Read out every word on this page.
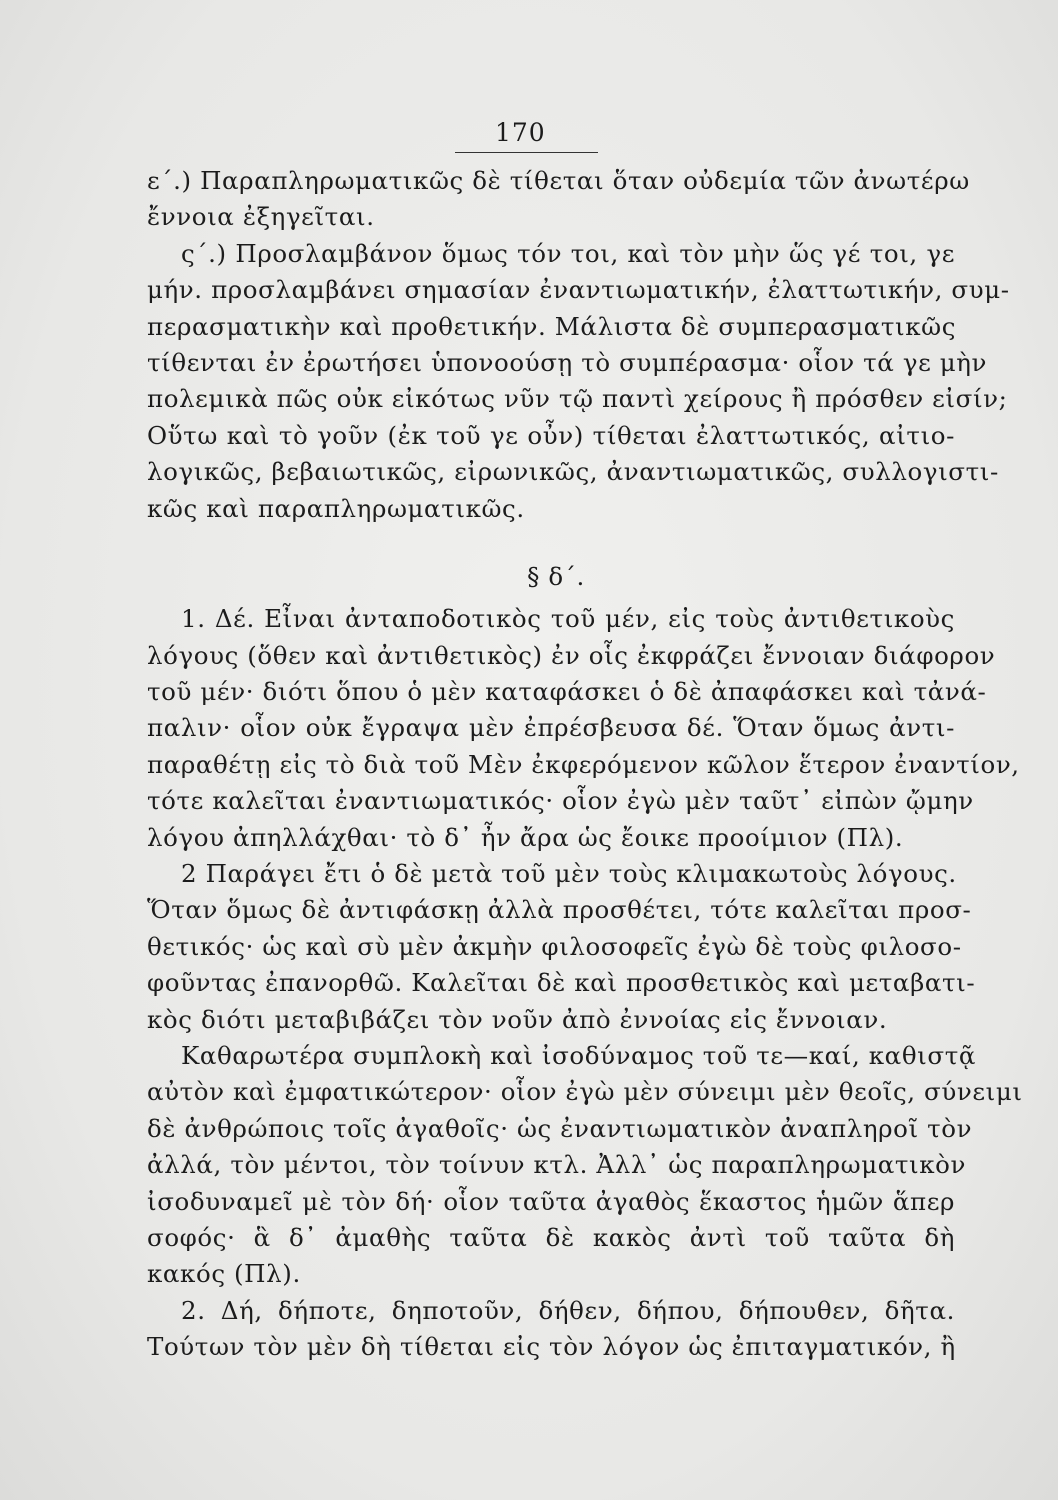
170
ε΄.) Παραπληρωματικῶς δὲ τίθεται ὅταν οὐδεμία τῶν ἀνωτέρω
ἔννοια ἐξηγεῖται.
ς΄.) Προσλαμβάνον ὅμως τόν τοι, καὶ τὸν μὴν ὥς γέ τοι, γε
μήν. προσλαμβάνει σημασίαν ἐναντιωματικήν, ἐλαττωτικήν, συμ-
περασματικὴν καὶ προθετικήν. Μάλιστα δὲ συμπερασματικῶς
τίθενται ἐν ἐρωτήσει ὑπονοούσῃ τὸ συμπέρασμα· οἷον τά γε μὴν
πολεμικὰ πῶς οὐκ εἰκότως νῦν τῷ παντὶ χείρους ἢ πρόσθεν εἰσίν;
Οὕτω καὶ τὸ γοῦν (ἐκ τοῦ γε οὖν) τίθεται ἐλαττωτικός, αἰτιο-
λογικῶς, βεβαιωτικῶς, εἰρωνικῶς, ἀναντιωματικῶς, συλλογιστι-
κῶς καὶ παραπληρωματικῶς.
§ δ΄.
1. Δέ. Εἶναι ἀνταποδοτικὸς τοῦ μέν, εἰς τοὺς ἀντιθετικοὺς
λόγους (ὅθεν καὶ ἀντιθετικὸς) ἐν οἷς ἐκφράζει ἔννοιαν διάφορον
τοῦ μέν· διότι ὅπου ὁ μὲν καταφάσκει ὁ δὲ ἀπαφάσκει καὶ τἀνά-
παλιν· οἷον οὐκ ἔγραψα μὲν ἐπρέσβευσα δέ. Ὅταν ὅμως ἀντι-
παραθέτῃ εἰς τὸ διὰ τοῦ Μὲν ἐκφερόμενον κῶλον ἕτερον ἐναντίον,
τότε καλεῖται ἐναντιωματικός· οἷον ἐγὼ μὲν ταῦτ᾽ εἰπὼν ᾤμην
λόγου ἀπηλλάχθαι· τὸ δ᾽ ἦν ἄρα ὡς ἔοικε προοίμιον (Πλ).
2 Παράγει ἔτι ὁ δὲ μετὰ τοῦ μὲν τοὺς κλιμακωτοὺς λόγους.
Ὅταν ὅμως δὲ ἀντιφάσκῃ ἀλλὰ προσθέτει, τότε καλεῖται προσ-
θετικός· ὡς καὶ σὺ μὲν ἀκμὴν φιλοσοφεῖς ἐγὼ δὲ τοὺς φιλοσο-
φοῦντας ἐπανορθῶ. Καλεῖται δὲ καὶ προσθετικὸς καὶ μεταβατι-
κὸς διότι μεταβιβάζει τὸν νοῦν ἀπὸ ἐννοίας εἰς ἔννοιαν.
Καθαρωτέρα συμπλοκὴ καὶ ἰσοδύναμος τοῦ τε—καί, καθιστᾷ
αὐτὸν καὶ ἐμφατικώτερον· οἷον ἐγὼ μὲν σύνειμι μὲν θεοῖς, σύνειμι
δὲ ἀνθρώποις τοῖς ἀγαθοῖς· ὡς ἐναντιωματικὸν ἀναπληροῖ τὸν
ἀλλά, τὸν μέντοι, τὸν τοίνυν κτλ. Ἀλλ᾽ ὡς παραπληρωματικὸν
ἰσοδυναμεῖ μὲ τὸν δή· οἷον ταῦτα ἀγαθὸς ἕκαστος ἡμῶν ἅπερ
σοφός· ἃ δ᾽ ἀμαθὴς ταῦτα δὲ κακὸς ἀντὶ τοῦ ταῦτα δὴ
κακός (Πλ).
2. Δή, δήποτε, δηποτοῦν, δήθεν, δήπου, δήπουθεν, δῆτα.
Τούτων τὸν μὲν δὴ τίθεται εἰς τὸν λόγον ὡς ἐπιταγματικόν, ἢ
